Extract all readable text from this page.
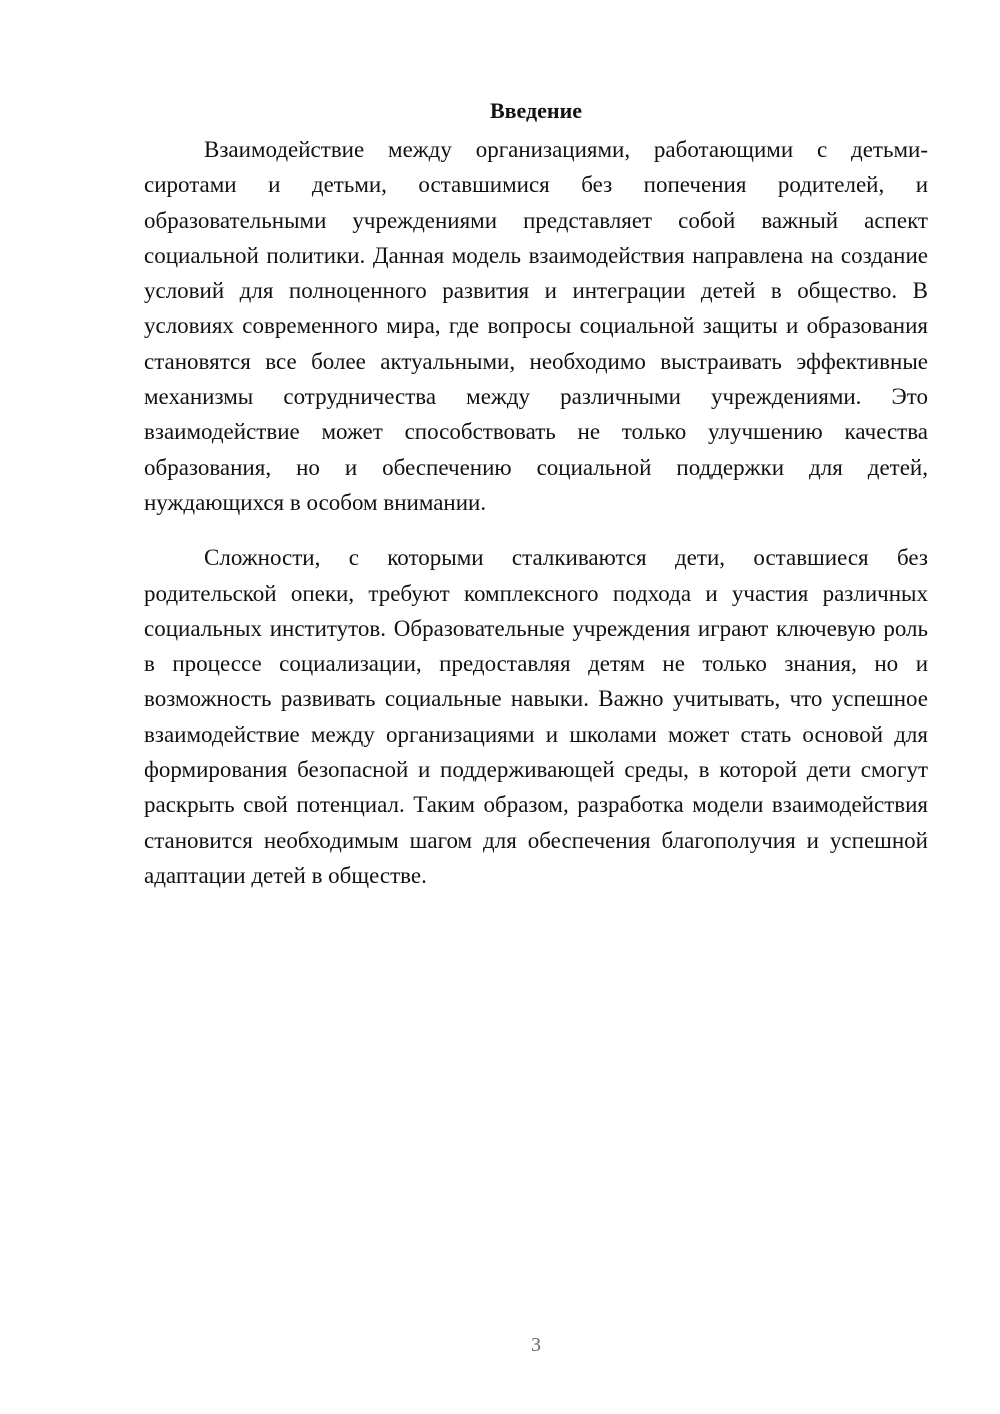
Введение

Взаимодействие между организациями, работающими с детьми-сиротами и детьми, оставшимися без попечения родителей, и образовательными учреждениями представляет собой важный аспект социальной политики. Данная модель взаимодействия направлена на создание условий для полноценного развития и интеграции детей в общество. В условиях современного мира, где вопросы социальной защиты и образования становятся все более актуальными, необходимо выстраивать эффективные механизмы сотрудничества между различными учреждениями. Это взаимодействие может способствовать не только улучшению качества образования, но и обеспечению социальной поддержки для детей, нуждающихся в особом внимании.

Сложности, с которыми сталкиваются дети, оставшиеся без родительской опеки, требуют комплексного подхода и участия различных социальных институтов. Образовательные учреждения играют ключевую роль в процессе социализации, предоставляя детям не только знания, но и возможность развивать социальные навыки. Важно учитывать, что успешное взаимодействие между организациями и школами может стать основой для формирования безопасной и поддерживающей среды, в которой дети смогут раскрыть свой потенциал. Таким образом, разработка модели взаимодействия становится необходимым шагом для обеспечения благополучия и успешной адаптации детей в обществе.

3
